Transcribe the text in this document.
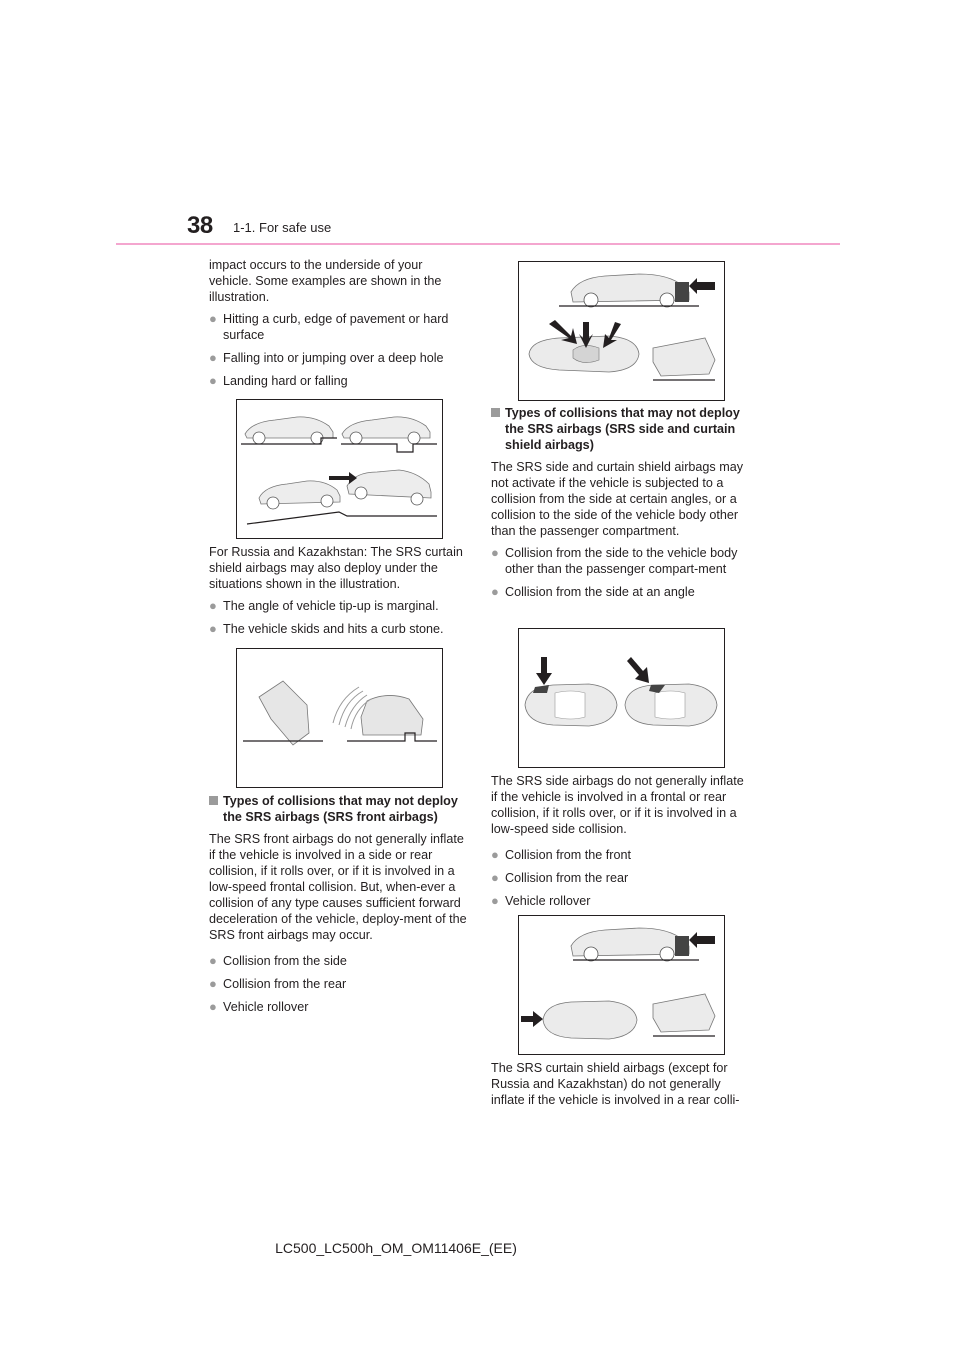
38 1-1. For safe use

impact occurs to the underside of your vehicle. Some examples are shown in the illustration.

● Hitting a curb, edge of pavement or hard surface
● Falling into or jumping over a deep hole
● Landing hard or falling

For Russia and Kazakhstan: The SRS curtain shield airbags may also deploy under the situations shown in the illustration.

● The angle of vehicle tip-up is marginal.
● The vehicle skids and hits a curb stone.
Types of collisions that may not deploy the SRS airbags (SRS front airbags)

The SRS front airbags do not generally inflate if the vehicle is involved in a side or rear collision, if it rolls over, or if it is involved in a low-speed frontal collision. But, when-ever a collision of any type causes sufficient forward deceleration of the vehicle, deploy-ment of the SRS front airbags may occur.

● Collision from the side
● Collision from the rear
● Vehicle rollover
Types of collisions that may not deploy the SRS airbags (SRS side and curtain shield airbags)

The SRS side and curtain shield airbags may not activate if the vehicle is subjected to a collision from the side at certain angles, or a collision to the side of the vehicle body other than the passenger compartment.

● Collision from the side to the vehicle body other than the passenger compart-ment
● Collision from the side at an angle

The SRS side airbags do not generally inflate if the vehicle is involved in a frontal or rear collision, if it rolls over, or if it is involved in a low-speed side collision.

● Collision from the front
● Collision from the rear
● Vehicle rollover

The SRS curtain shield airbags (except for Russia and Kazakhstan) do not generally inflate if the vehicle is involved in a rear colli-

LC500_LC500h_OM_OM11406E_(EE)
